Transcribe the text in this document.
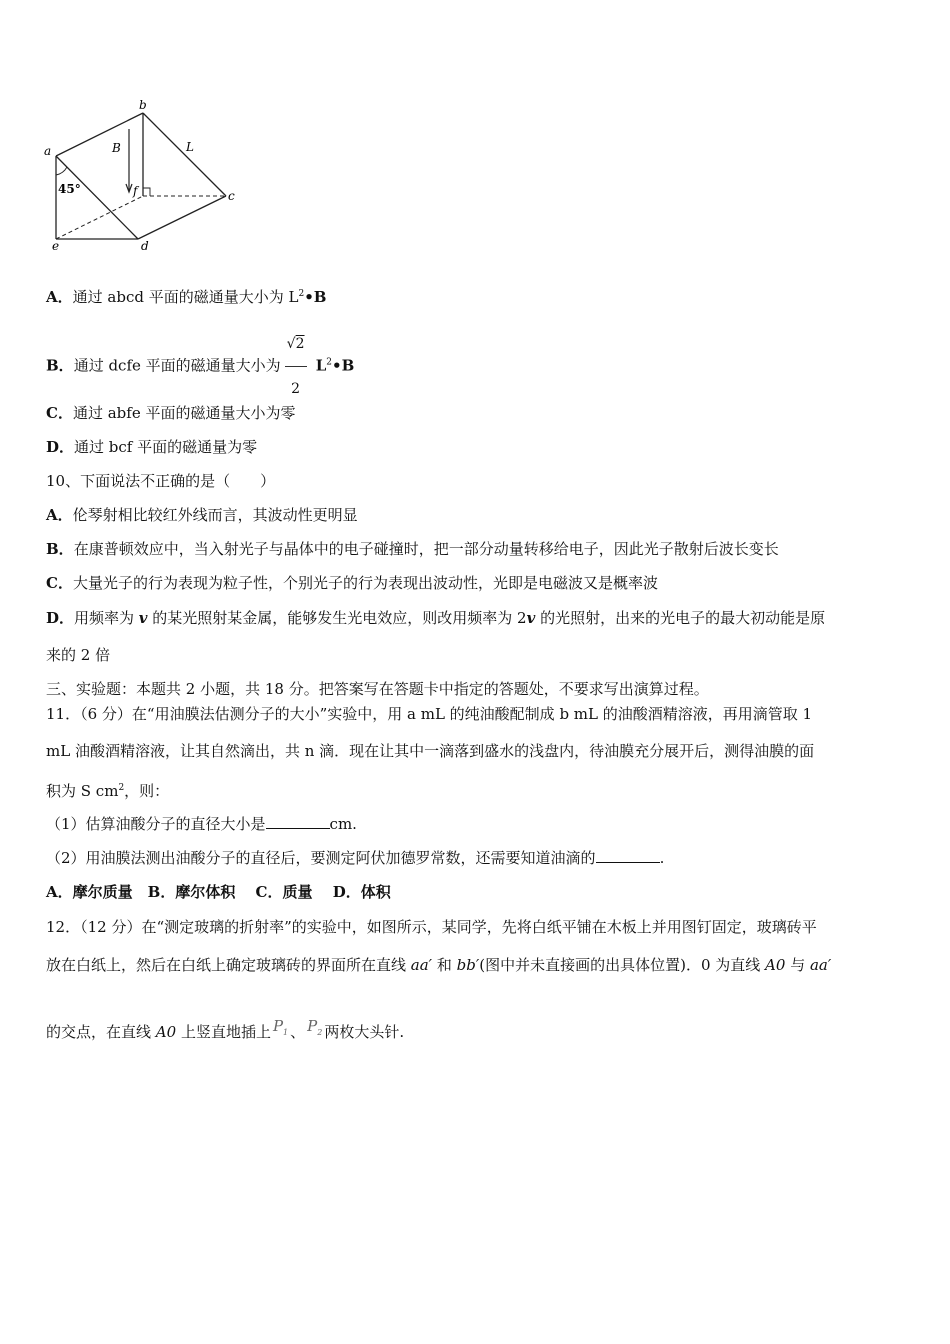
a
b
c
d
e
f
B	L
45°
A．通过 abcd 平面的磁通量大小为 $L^2•B$
B．通过 dcfe 平面的磁通量大小为 $\frac{√2}{2}$ $L^2•B$
C．通过 abfe 平面的磁通量大小为零
D．通过 bcf 平面的磁通量为零
10、下面说法不正确的是（　　）
A．伦琴射相比较红外线而言，其波动性更明显
B．在康普顿效应中，当入射光子与晶体中的电子碰撞时，把一部分动量转移给电子，因此光子散射后波长变长
C．大量光子的行为表现为粒子性，个别光子的行为表现出波动性，光即是电磁波又是概率波
D．用频率为 v 的某光照射某金属，能够发生光电效应，则改用频率为 2v 的光照射，出来的光电子的最大初动能是原
来的 2 倍
三、实验题：本题共 2 小题，共 18 分。把答案写在答题卡中指定的答题处，不要求写出演算过程。
11．（6 分）在“用油膜法估测分子的大小”实验中，用 a mL 的纯油酸配制成 b mL 的油酸酒精溶液，再用滴管取 1
mL 油酸酒精溶液，让其自然滴出，共 n 滴．现在让其中一滴落到盛水的浅盘内，待油膜充分展开后，测得油膜的面
积为 S $cm^2$，则：
（1）估算油酸分子的直径大小是	cm.
（2）用油膜法测出油酸分子的直径后，要测定阿伏加德罗常数，还需要知道油滴的	.
A．摩尔质量　B．摩尔体积　 C．质量　 D．体积
12．（12 分）在“测定玻璃的折射率”的实验中，如图所示，某同学，先将白纸平铺在木板上并用图钉固定，玻璃砖平
放在白纸上，然后在白纸上确定玻璃砖的界面所在直线 aa′ 和 bb′(图中并未直接画的出具体位置)．0 为直线 A0 与 aa′
的交点，在直线 A0 上竖直地插上 $P_1$ 、 $P_2$ 两枚大头针.
